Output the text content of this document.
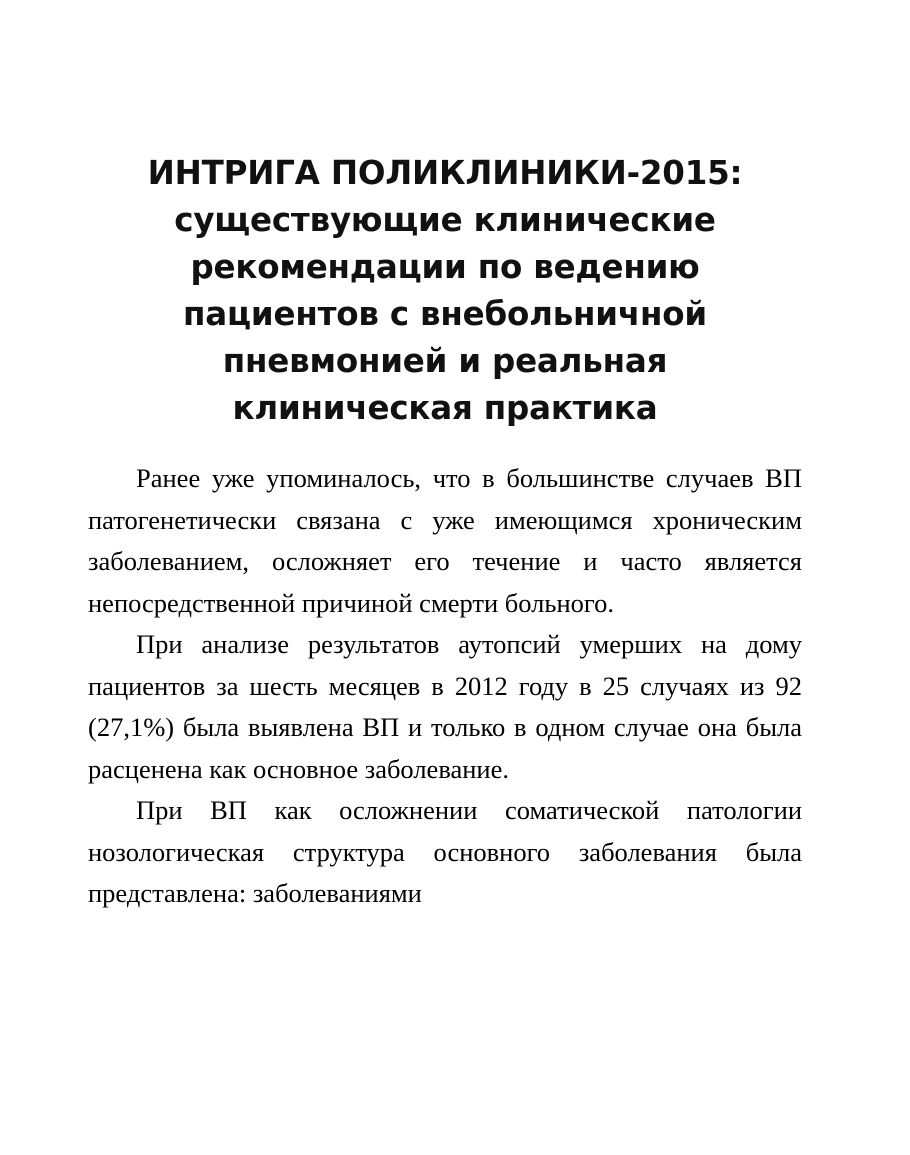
ИНТРИГА ПОЛИКЛИНИКИ-2015:
существующие клинические
рекомендации по ведению
пациентов с внебольничной
пневмонией и реальная
клиническая практика

Ранее уже упоминалось, что в большинстве случаев ВП патогенетически связана с уже имеющимся хроническим заболеванием, осложняет его течение и часто является непосредственной причиной смерти больного.

При анализе результатов аутопсий умерших на дому пациентов за шесть месяцев в 2012 году в 25 случаях из 92 (27,1%) была выявлена ВП и только в одном случае она была расценена как основное заболевание.

При ВП как осложнении соматической патологии нозологическая структура основного заболевания была представлена: заболеваниями
